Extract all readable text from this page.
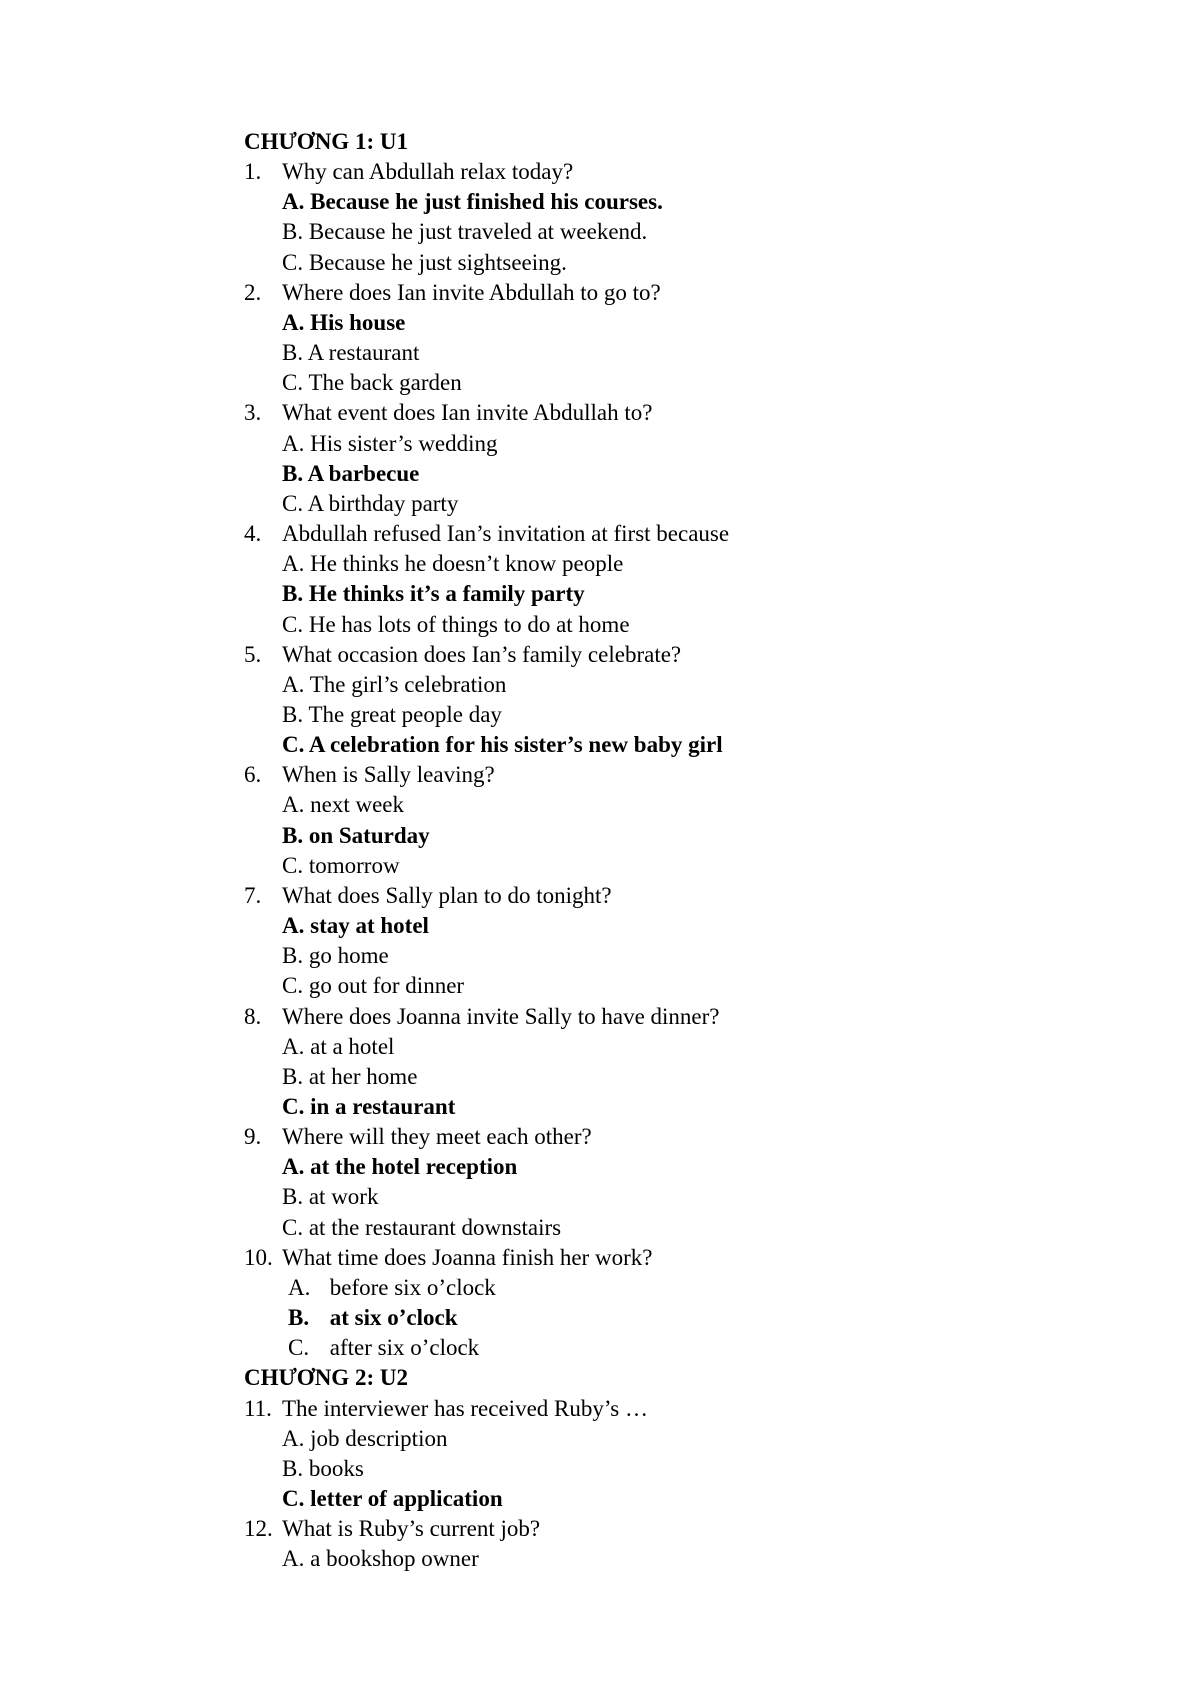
CHƯƠNG 1: U1
1. Why can Abdullah relax today?
A. Because he just finished his courses.
B. Because he just traveled at weekend.
C. Because he just sightseeing.
2. Where does Ian invite Abdullah to go to?
A. His house
B. A restaurant
C. The back garden
3. What event does Ian invite Abdullah to?
A. His sister’s wedding
B. A barbecue
C. A birthday party
4. Abdullah refused Ian’s invitation at first because
A. He thinks he doesn’t know people
B. He thinks it’s a family party
C. He has lots of things to do at home
5. What occasion does Ian’s family celebrate?
A. The girl’s celebration
B. The great people day
C. A celebration for his sister’s new baby girl
6. When is Sally leaving?
A. next week
B. on Saturday
C. tomorrow
7. What does Sally plan to do tonight?
A. stay at hotel
B. go home
C. go out for dinner
8. Where does Joanna invite Sally to have dinner?
A. at a hotel
B. at her home
C. in a restaurant
9. Where will they meet each other?
A. at the hotel reception
B. at work
C. at the restaurant downstairs
10. What time does Joanna finish her work?
A. before six o’clock
B. at six o’clock
C. after six o’clock
CHƯƠNG 2: U2
11. The interviewer has received Ruby’s …
A. job description
B. books
C. letter of application
12. What is Ruby’s current job?
A. a bookshop owner
